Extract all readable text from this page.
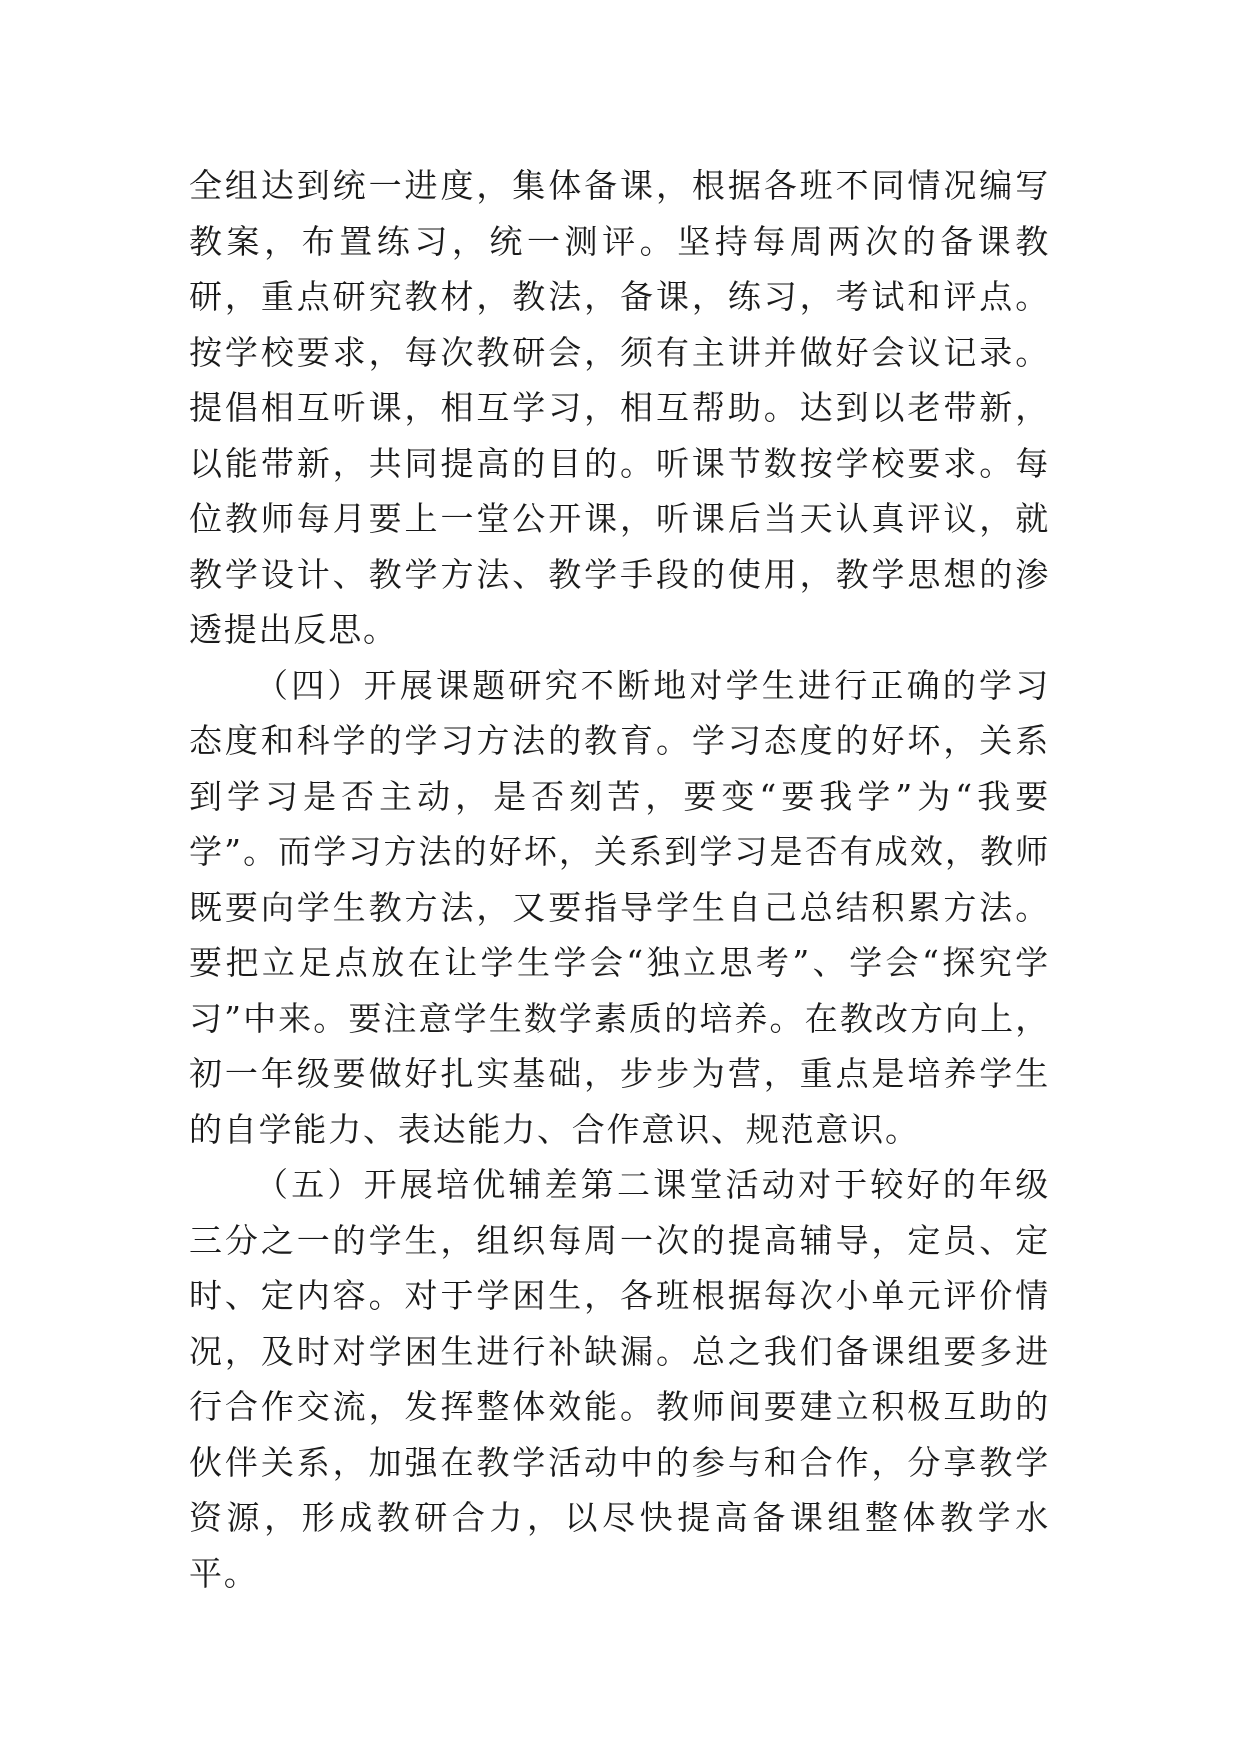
全组达到统一进度，集体备课，根据各班不同情况编写教案，布置练习，统一测评。坚持每周两次的备课教研，重点研究教材，教法，备课，练习，考试和评点。按学校要求，每次教研会，须有主讲并做好会议记录。提倡相互听课，相互学习，相互帮助。达到以老带新，以能带新，共同提高的目的。听课节数按学校要求。每位教师每月要上一堂公开课，听课后当天认真评议，就教学设计、教学方法、教学手段的使用，教学思想的渗透提出反思。

（四）开展课题研究不断地对学生进行正确的学习态度和科学的学习方法的教育。学习态度的好坏，关系到学习是否主动，是否刻苦，要变“要我学”为“我要学”。而学习方法的好坏，关系到学习是否有成效，教师既要向学生教方法，又要指导学生自己总结积累方法。要把立足点放在让学生学会“独立思考”、学会“探究学习”中来。要注意学生数学素质的培养。在教改方向上，初一年级要做好扎实基础，步步为营，重点是培养学生的自学能力、表达能力、合作意识、规范意识。

（五）开展培优辅差第二课堂活动对于较好的年级三分之一的学生，组织每周一次的提高辅导，定员、定时、定内容。对于学困生，各班根据每次小单元评价情况，及时对学困生进行补缺漏。总之我们备课组要多进行合作交流，发挥整体效能。教师间要建立积极互助的伙伴关系，加强在教学活动中的参与和合作，分享教学资源，形成教研合力，以尽快提高备课组整体教学水平。
